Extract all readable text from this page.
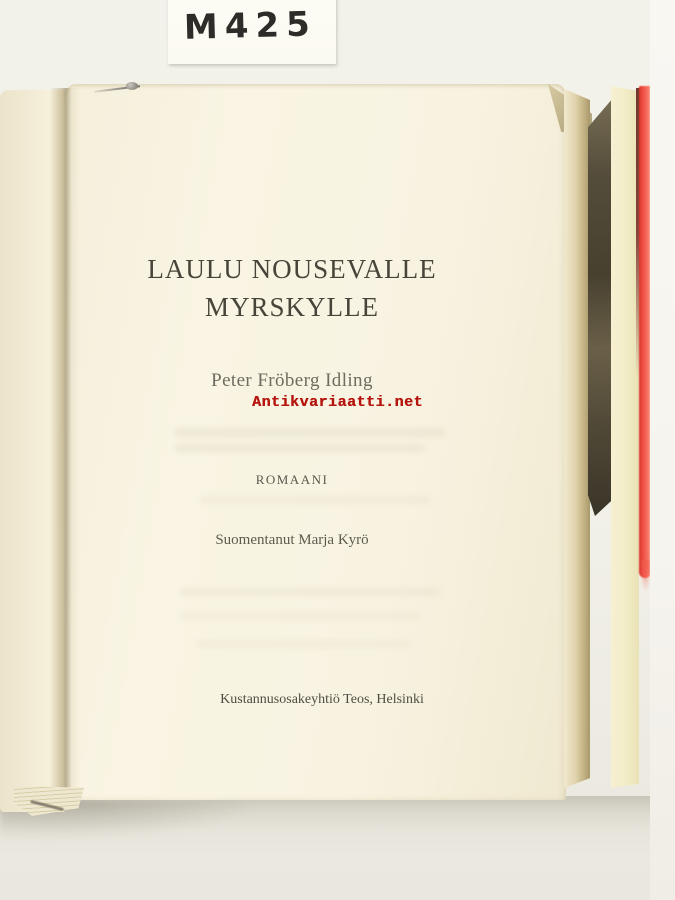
M425
LAULU NOUSEVALLE
MYRSKYLLE
Peter Fröberg Idling
Antikvariaatti.net
ROMAANI
Suomentanut Marja Kyrö
Kustannusosakeyhtiö Teos, Helsinki
